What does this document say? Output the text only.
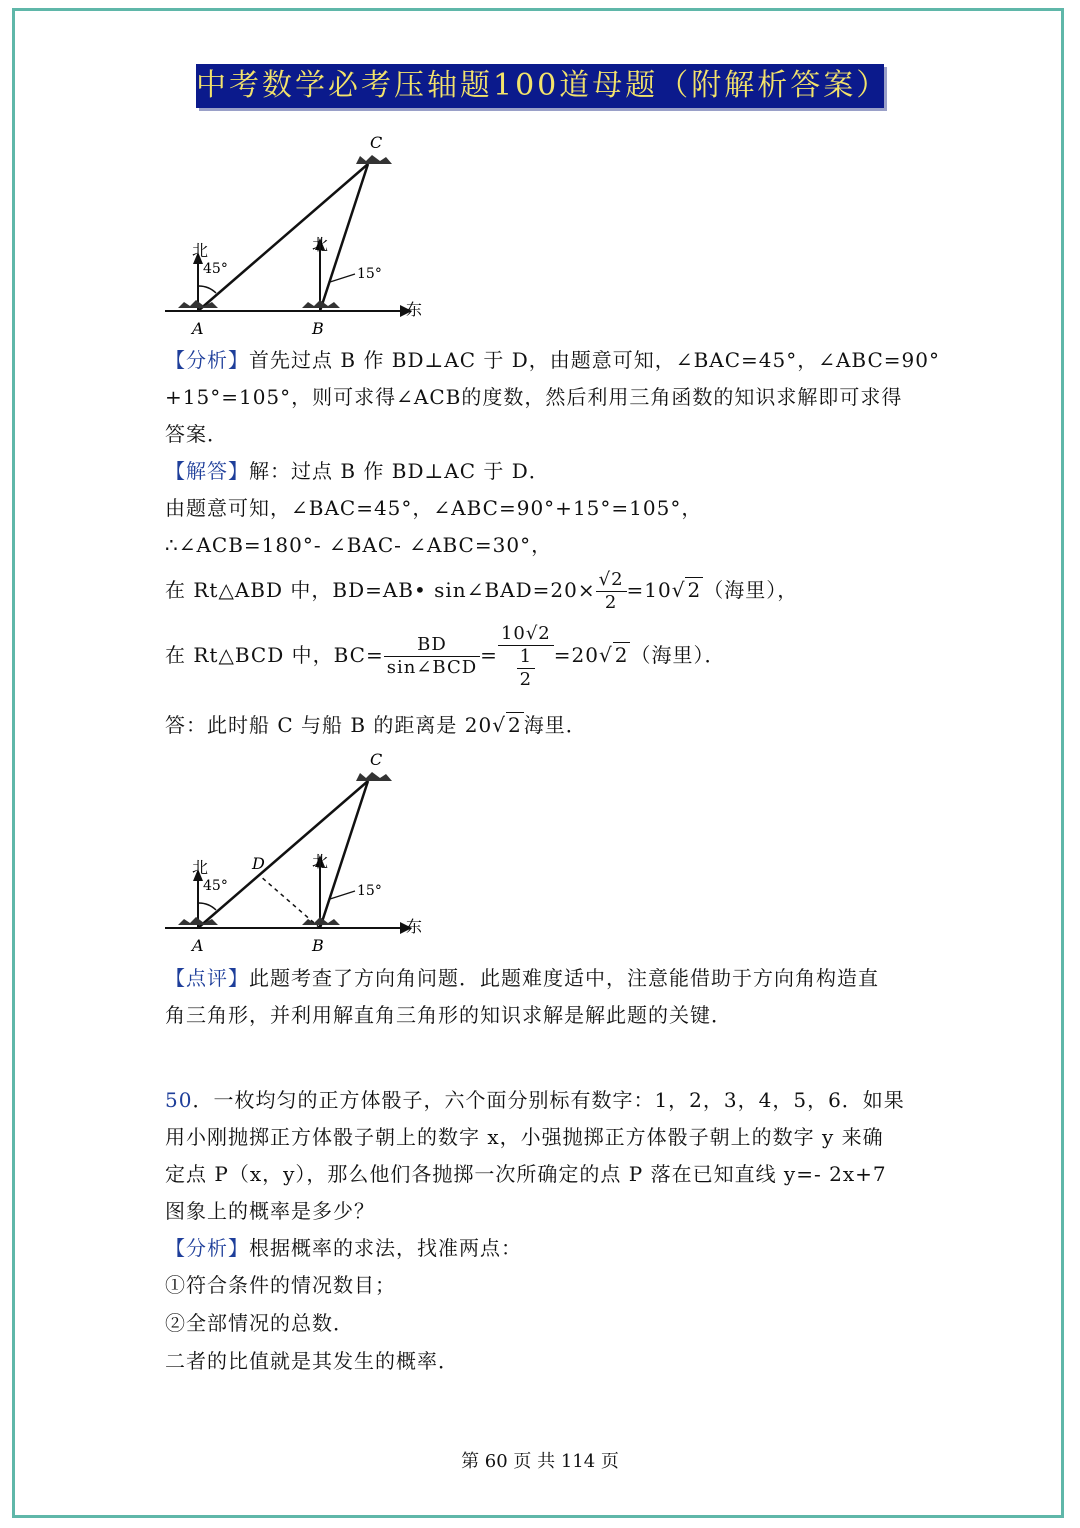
中考数学必考压轴题100道母题（附解析答案）
东
北
45°
北
15°
C
A	B
【分析】首先过点 B 作 BD⊥AC 于 D，由题意可知，∠BAC=45°，∠ABC=90°
+15°=105°，则可求得∠ACB的度数，然后利用三角函数的知识求解即可求得
答案．
【解答】解：过点 B 作 BD⊥AC 于 D．
由题意可知，∠BAC=45°，∠ABC=90°+15°=105°，
∴∠ACB=180°- ∠BAC- ∠ABC=30°，
在 Rt△ABD 中，BD=AB• sin∠BAD=20× $\frac{√2}{2} =10√$ 2 （海里），
在 Rt△BCD 中，$BC= \frac{BD}{\text{sin∠BCD}} = \frac{10√2}{\frac{1}{2}} =20√$ 2 （海里）．
答：此时船 C 与船 B 的距离是 20√ 2 海里．
东
D
北
45°
北
15°
C
A	B
【点评】此题考查了方向角问题．此题难度适中，注意能借助于方向角构造直
角三角形，并利用解直角三角形的知识求解是解此题的关键．
50．一枚均匀的正方体骰子，六个面分别标有数字：1，2，3，4，5，6．如果
用小刚抛掷正方体骰子朝上的数字 x，小强抛掷正方体骰子朝上的数字 y 来确
定点 P（x，y），那么他们各抛掷一次所确定的点 P 落在已知直线 y=- 2x+7
图象上的概率是多少？
【分析】根据概率的求法，找准两点：
①符合条件的情况数目；
②全部情况的总数．
二者的比值就是其发生的概率．
第 60 页 共 114 页
